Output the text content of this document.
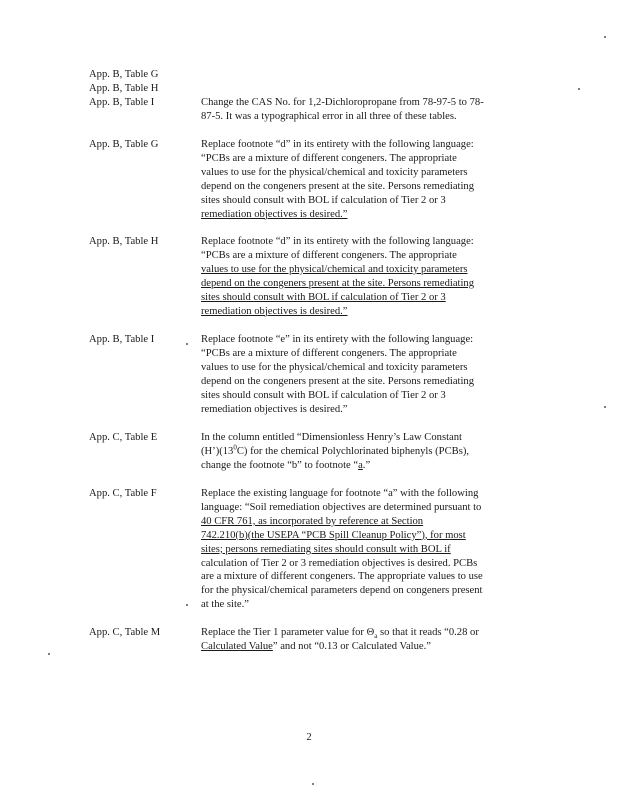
App. B, Table G
App. B, Table H
App. B, Table I	Change the CAS No. for 1,2-Dichloropropane from 78-97-5 to 78-
87-5. It was a typographical error in all three of these tables.
App. B, Table G	Replace footnote “d” in its entirety with the following language:
“PCBs are a mixture of different congeners. The appropriate
values to use for the physical/chemical and toxicity parameters
depend on the congeners present at the site. Persons remediating
sites should consult with BOL if calculation of Tier 2 or 3
remediation objectives is desired.”
App. B, Table H	Replace footnote “d” in its entirety with the following language:
“PCBs are a mixture of different congeners. The appropriate
values to use for the physical/chemical and toxicity parameters
depend on the congeners present at the site. Persons remediating
sites should consult with BOL if calculation of Tier 2 or 3
remediation objectives is desired.”
App. B, Table I	Replace footnote “e” in its entirety with the following language:
“PCBs are a mixture of different congeners. The appropriate
values to use for the physical/chemical and toxicity parameters
depend on the congeners present at the site. Persons remediating
sites should consult with BOL if calculation of Tier 2 or 3
remediation objectives is desired.”
App. C, Table E	In the column entitled “Dimensionless Henry’s Law Constant
$(H’)(13^0C)$ for the chemical Polychlorinated biphenyls (PCBs),
change the footnote “b” to footnote “a.”
App. C, Table F	Replace the existing language for footnote “a” with the following
language: “Soil remediation objectives are determined pursuant to
40 CFR 761, as incorporated by reference at Section
742.210(b)(the USEPA “PCB Spill Cleanup Policy”), for most
sites; persons remediating sites should consult with BOL if
calculation of Tier 2 or 3 remediation objectives is desired. PCBs
are a mixture of different congeners. The appropriate values to use
for the physical/chemical parameters depend on congeners present
at the site.”
App. C, Table M	Replace the Tier 1 parameter value for $\Theta_a$ so that it reads “0.28 or
Calculated Value” and not “0.13 or Calculated Value.”
2
